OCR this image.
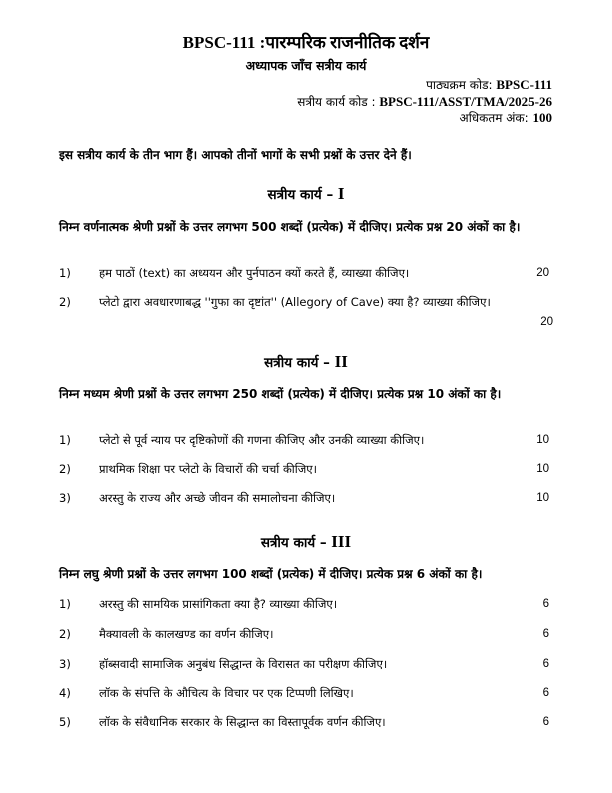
BPSC-111 :पारम्परिक राजनीतिक दर्शन
अध्यापक जाँच सत्रीय कार्य
पाठ्यक्रम कोड: BPSC-111
सत्रीय कार्य कोड : BPSC-111/ASST/TMA/2025-26
अधिकतम अंक: 100
इस सत्रीय कार्य के तीन भाग हैं। आपको तीनों भागों के सभी प्रश्नों के उत्तर देने हैं।
सत्रीय कार्य – I
निम्न वर्णनात्मक श्रेणी प्रश्नों के उत्तर लगभग 500 शब्दों (प्रत्येक) में दीजिए। प्रत्येक प्रश्न 20 अंकों का है।
1)	हम पाठों (text) का अध्ययन और पुर्नपाठन क्यों करते हैं, व्याख्या कीजिए।	20
2)	प्लेटो द्वारा अवधारणाबद्ध ''गुफा का दृष्टांत'' (Allegory of Cave) क्या है? व्याख्या कीजिए।
20
सत्रीय कार्य – II
निम्न मध्यम श्रेणी प्रश्नों के उत्तर लगभग 250 शब्दों (प्रत्येक) में दीजिए। प्रत्येक प्रश्न 10 अंकों का है।
1)	प्लेटो से पूर्व न्याय पर दृष्टिकोणों की गणना कीजिए और उनकी व्याख्या कीजिए।	10
2)	प्राथमिक शिक्षा पर प्लेटो के विचारों की चर्चा कीजिए।	10
3)	अरस्तु के राज्य और अच्छे जीवन की समालोचना कीजिए।	10
सत्रीय कार्य – III
निम्न लघु श्रेणी प्रश्नों के उत्तर लगभग 100 शब्दों (प्रत्येक) में दीजिए। प्रत्येक प्रश्न 6 अंकों का है।
1)	अरस्तु की सामयिक प्रासांगिकता क्या है? व्याख्या कीजिए।	6
2)	मैक्यावली के कालखण्ड का वर्णन कीजिए।	6
3)	हॉब्सवादी सामाजिक अनुबंध सिद्धान्त के विरासत का परीक्षण कीजिए।	6
4)	लॉक के संपत्ति के औचित्य के विचार पर एक टिप्पणी लिखिए।	6
5)	लॉक के संवैधानिक सरकार के सिद्धान्त का विस्तापूर्वक वर्णन कीजिए।	6
